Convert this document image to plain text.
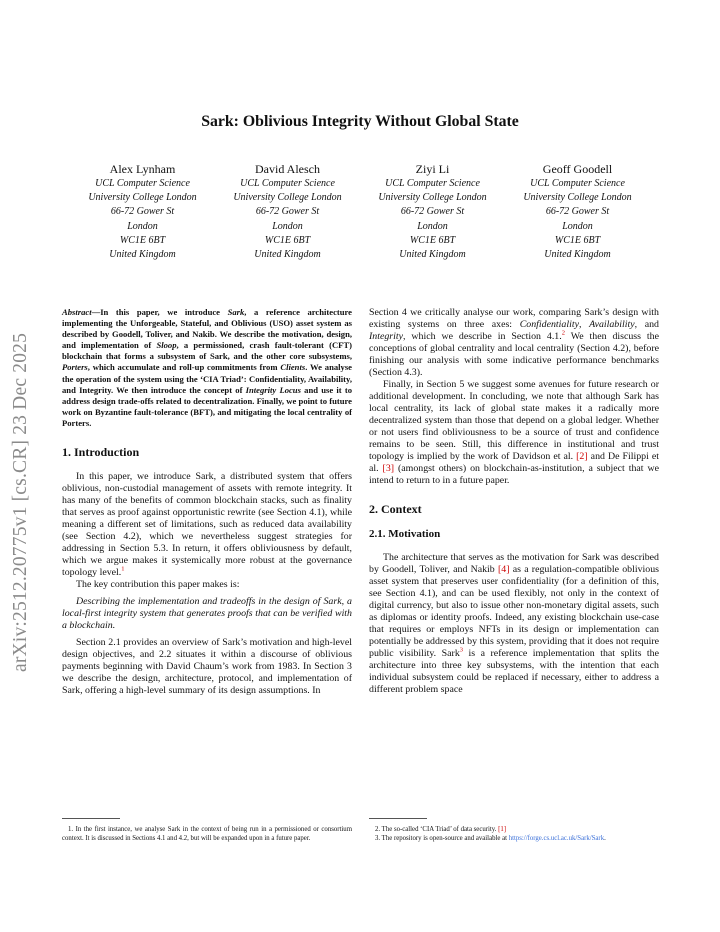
arXiv:2512.20775v1 [cs.CR] 23 Dec 2025
Sark: Oblivious Integrity Without Global State
Alex Lynham
UCL Computer Science
University College London
66-72 Gower St
London
WC1E 6BT
United Kingdom
David Alesch
UCL Computer Science
University College London
66-72 Gower St
London
WC1E 6BT
United Kingdom
Ziyi Li
UCL Computer Science
University College London
66-72 Gower St
London
WC1E 6BT
United Kingdom
Geoff Goodell
UCL Computer Science
University College London
66-72 Gower St
London
WC1E 6BT
United Kingdom

Abstract—In this paper, we introduce Sark, a reference architecture implementing the Unforgeable, Stateful, and Oblivious (USO) asset system as described by Goodell, Toliver, and Nakib. We describe the motivation, design, and implementation of Sloop, a permissioned, crash fault-tolerant (CFT) blockchain that forms a subsystem of Sark, and the other core subsystems, Porters, which accumulate and roll-up commitments from Clients. We analyse the operation of the system using the ‘CIA Triad’: Confidentiality, Availability, and Integrity. We then introduce the concept of Integrity Locus and use it to address design trade-offs related to decentralization. Finally, we point to future work on Byzantine fault-tolerance (BFT), and mitigating the local centrality of Porters.

1. Introduction

In this paper, we introduce Sark, a distributed system that offers oblivious, non-custodial management of assets with remote integrity. It has many of the benefits of common blockchain stacks, such as finality that serves as proof against opportunistic rewrite (see Section 4.1), while meaning a different set of limitations, such as reduced data availability (see Section 4.2), which we nevertheless suggest strategies for addressing in Section 5.3. In return, it offers obliviousness by default, which we argue makes it systemically more robust at the governance topology level.$^1$

The key contribution this paper makes is:

Describing the implementation and tradeoffs in the design of Sark, a local-first integrity system that generates proofs that can be verified with a blockchain.

Section 2.1 provides an overview of Sark’s motivation and high-level design objectives, and 2.2 situates it within a discourse of oblivious payments beginning with David Chaum’s work from 1983. In Section 3 we describe the design, architecture, protocol, and implementation of Sark, offering a high-level summary of its design assumptions. In

Section 4 we critically analyse our work, comparing Sark’s design with existing systems on three axes: Confidentiality, Availability, and Integrity, which we describe in Section 4.1.$^2$ We then discuss the conceptions of global centrality and local centrality (Section 4.2), before finishing our analysis with some indicative performance benchmarks (Section 4.3).

Finally, in Section 5 we suggest some avenues for future research or additional development. In concluding, we note that although Sark has local centrality, its lack of global state makes it a radically more decentralized system than those that depend on a global ledger. Whether or not users find obliviousness to be a source of trust and confidence remains to be seen. Still, this difference in institutional and trust topology is implied by the work of Davidson et al. [2] and De Filippi et al. [3] (amongst others) on blockchain-as-institution, a subject that we intend to return to in a future paper.

2. Context

2.1. Motivation

The architecture that serves as the motivation for Sark was described by Goodell, Toliver, and Nakib [4] as a regulation-compatible oblivious asset system that preserves user confidentiality (for a definition of this, see Section 4.1), and can be used flexibly, not only in the context of digital currency, but also to issue other non-monetary digital assets, such as diplomas or identity proofs. Indeed, any existing blockchain use-case that requires or employs NFTs in its design or implementation can potentially be addressed by this system, providing that it does not require public visibility. Sark$^3$ is a reference implementation that splits the architecture into three key subsystems, with the intention that each individual subsystem could be replaced if necessary, either to address a different problem space

1. In the first instance, we analyse Sark in the context of being run in a permissioned or consortium context. It is discussed in Sections 4.1 and 4.2, but will be expanded upon in a future paper.

2. The so-called ‘CIA Triad’ of data security. [1]

3. The repository is open-source and available at https://forge.cs.ucl.ac.uk/Sark/Sark.
